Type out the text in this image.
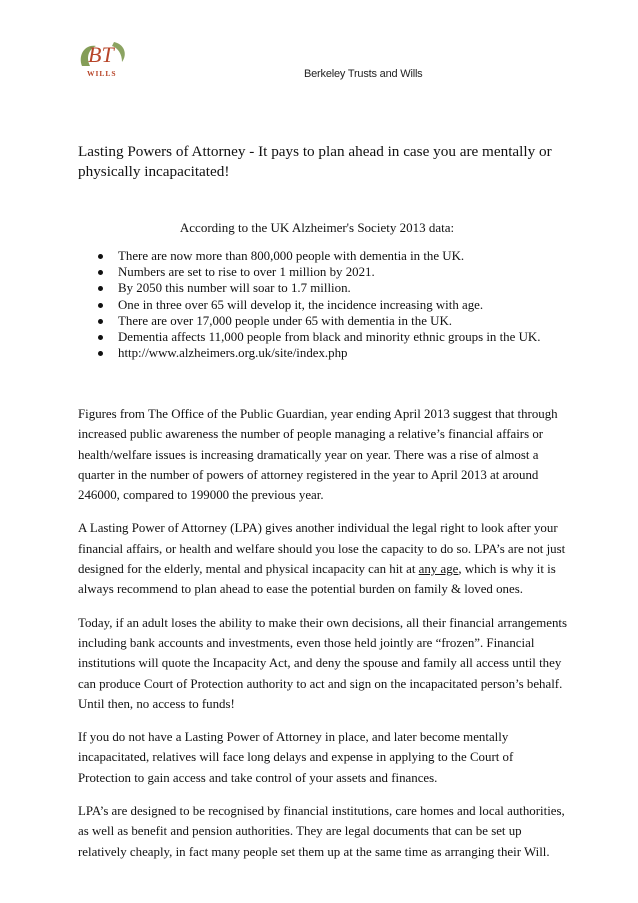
BT
WILLS	Berkeley Trusts and Wills
Lasting Powers of Attorney - It pays to plan ahead in case you are mentally or physically incapacitated!
According to the UK Alzheimer's Society 2013 data:
There are now more than 800,000 people with dementia in the UK.
Numbers are set to rise to over 1 million by 2021.
By 2050 this number will soar to 1.7 million.
One in three over 65 will develop it, the incidence increasing with age.
There are over 17,000 people under 65 with dementia in the UK.
Dementia affects 11,000 people from black and minority ethnic groups in the UK.
http://www.alzheimers.org.uk/site/index.php

Figures from The Office of the Public Guardian, year ending April 2013 suggest that through increased public awareness the number of people managing a relative’s financial affairs or health/welfare issues is increasing dramatically year on year. There was a rise of almost a quarter in the number of powers of attorney registered in the year to April 2013 at around 246000, compared to 199000 the previous year.

A Lasting Power of Attorney (LPA) gives another individual the legal right to look after your financial affairs, or health and welfare should you lose the capacity to do so. LPA’s are not just designed for the elderly, mental and physical incapacity can hit at any age, which is why it is always recommend to plan ahead to ease the potential burden on family & loved ones.

Today, if an adult loses the ability to make their own decisions, all their financial arrangements including bank accounts and investments, even those held jointly are “frozen”. Financial institutions will quote the Incapacity Act, and deny the spouse and family all access until they can produce Court of Protection authority to act and sign on the incapacitated person’s behalf. Until then, no access to funds!

If you do not have a Lasting Power of Attorney in place, and later become mentally incapacitated, relatives will face long delays and expense in applying to the Court of Protection to gain access and take control of your assets and finances.

LPA’s are designed to be recognised by financial institutions, care homes and local authorities, as well as benefit and pension authorities. They are legal documents that can be set up relatively cheaply, in fact many people set them up at the same time as arranging their Will.
